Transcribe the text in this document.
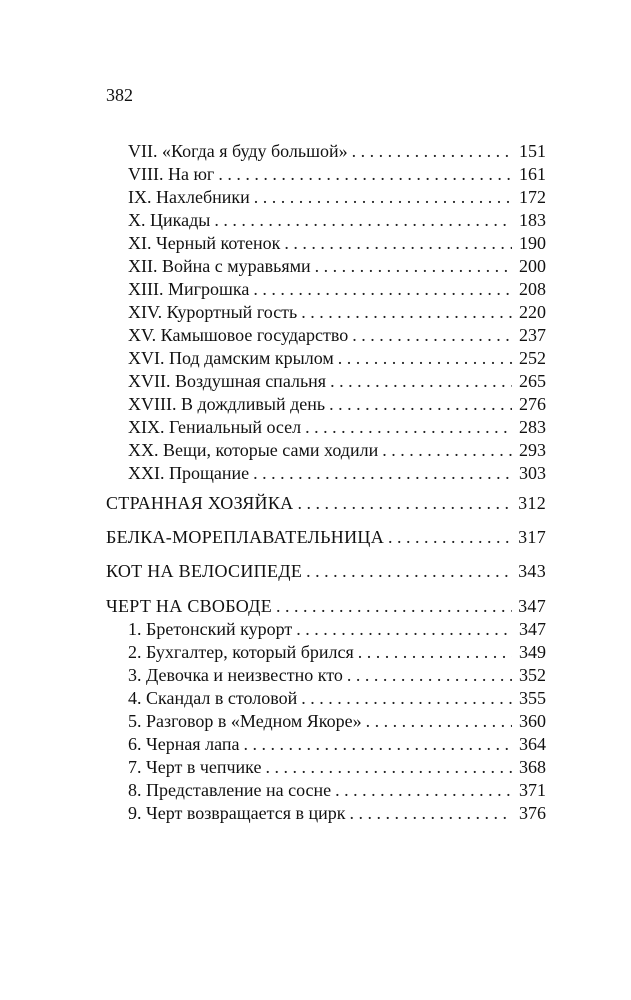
382
VII. «Когда я буду большой» . . .	151
VIII. На юг . . .	161
IX. Нахлебники . . .	172
X. Цикады . . .	183
XI. Черный котенок . . .	190
XII. Война с муравьями . . .	200
XIII. Мигрошка . . .	208
XIV. Курортный гость . . .	220
XV. Камышовое государство . . .	237
XVI. Под дамским крылом . . .	252
XVII. Воздушная спальня . . .	265
XVIII. В дождливый день . . .	276
XIX. Гениальный осел . . .	283
XX. Вещи, которые сами ходили . . .	293
XXI. Прощание . . .	303
СТРАННАЯ ХОЗЯЙКА . . .	312
БЕЛКА-МОРЕПЛАВАТЕЛЬНИЦА . . .	317
КОТ НА ВЕЛОСИПЕДЕ . . .	343
ЧЕРТ НА СВОБОДЕ . . .	347
1. Бретонский курорт . . .	347
2. Бухгалтер, который брился . . .	349
3. Девочка и неизвестно кто . . .	352
4. Скандал в столовой . . .	355
5. Разговор в «Медном Якоре» . . .	360
6. Черная лапа . . .	364
7. Черт в чепчике . . .	368
8. Представление на сосне . . .	371
9. Черт возвращается в цирк . . .	376
